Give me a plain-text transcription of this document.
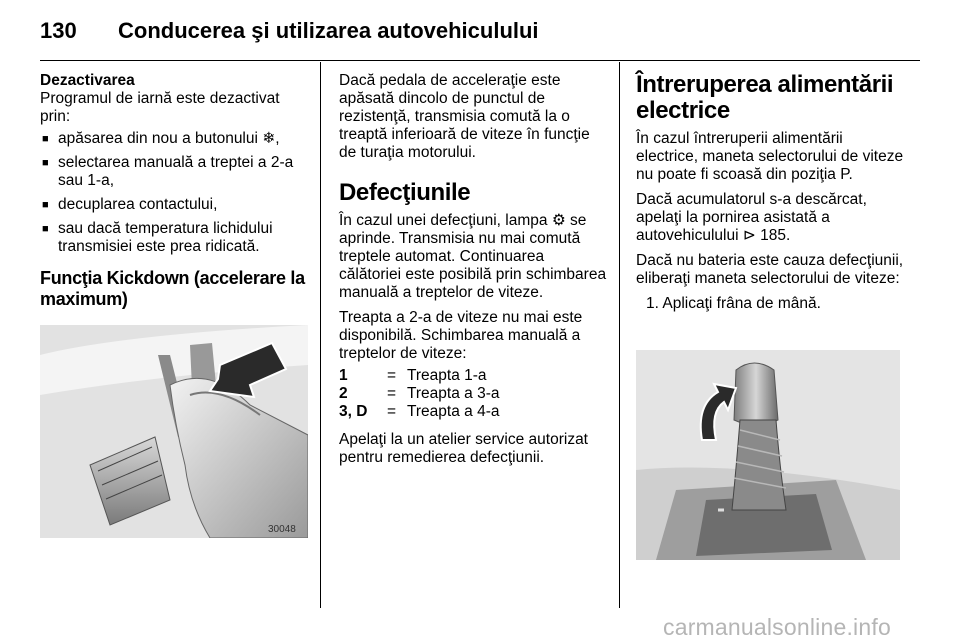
130 Conducerea şi utilizarea autovehiculului

Dezactivarea

Programul de iarnă este dezactivat prin:

■ apăsarea din nou a butonului ❄,
■ selectarea manuală a treptei a 2-a sau 1-a,
■ decuplarea contactului,
■ sau dacă temperatura lichidului transmisiei este prea ridicată.
Funcţia Kickdown (accelerare la maximum)
30048

Dacă pedala de acceleraţie este apăsată dincolo de punctul de rezistenţă, transmisia comută la o treaptă inferioară de viteze în funcţie de turaţia motorului.

Defecţiunile

În cazul unei defecţiuni, lampa ⚙ se aprinde. Transmisia nu mai comută treptele automat. Continuarea călătoriei este posibilă prin schimbarea manuală a treptelor de viteze.

Treapta a 2-a de viteze nu mai este disponibilă. Schimbarea manuală a treptelor de viteze:

1	=	Treapta 1-a
2	=	Treapta a 3-a
3, D	=	Treapta a 4-a

Apelaţi la un atelier service autorizat pentru remedierea defecţiunii.

Întreruperea alimentării electrice

În cazul întreruperii alimentării electrice, maneta selectorului de viteze nu poate fi scoasă din poziţia P.

Dacă acumulatorul s-a descărcat, apelaţi la pornirea asistată a autovehiculului ⊳ 185.

Dacă nu bateria este cauza defecţiunii, eliberaţi maneta selectorului de viteze:

1. Aplicaţi frâna de mână.

carmanualsonline.info
